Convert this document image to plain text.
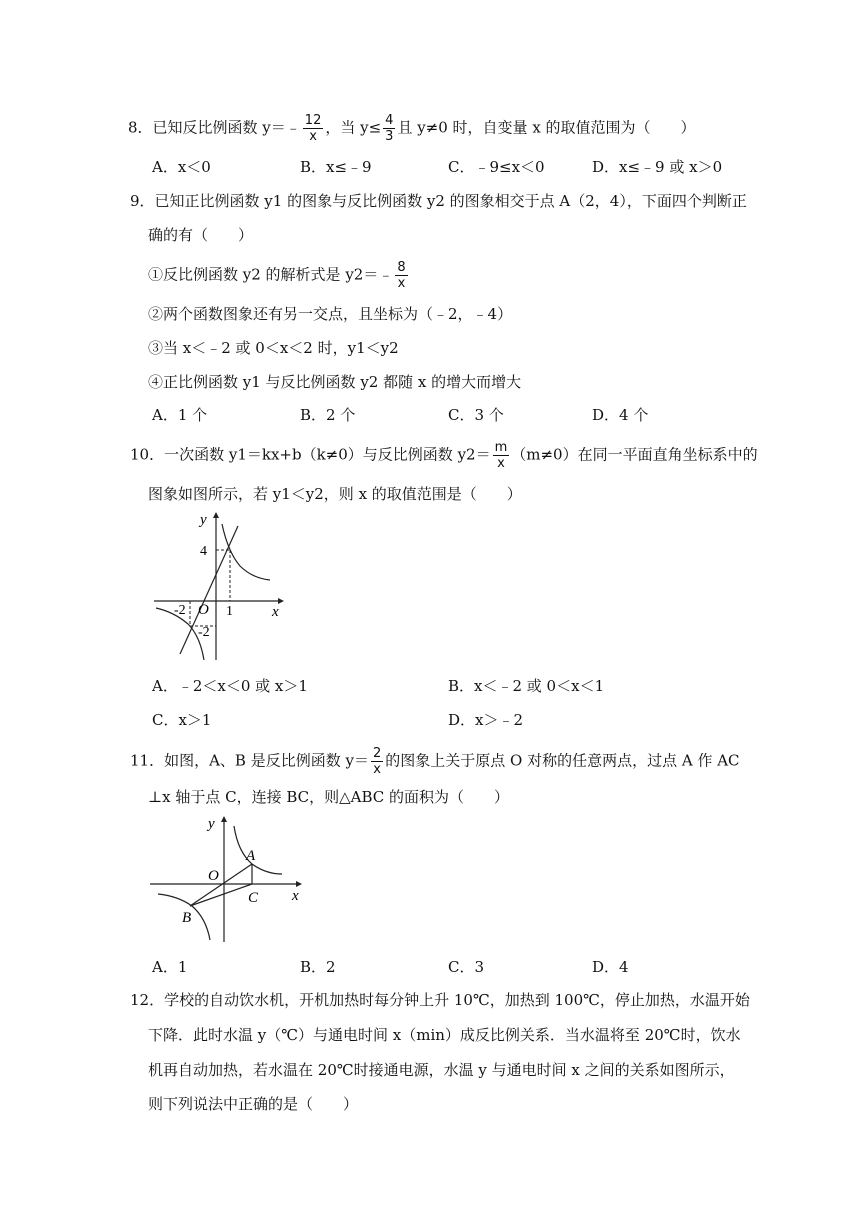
8．已知反比例函数 y＝﹣ $\frac{12}{x}$ ，当 $y\le \frac{4}{3}$ 且 y≠0 时，自变量 x 的取值范围为（　　）
A．x＜0	B．x≤﹣9	C．﹣9≤x＜0	D．x≤﹣9 或 x＞0
9．已知正比例函数 y1 的图象与反比例函数 y2 的图象相交于点 A（2，4），下面四个判断正
确的有（　　）
①反比例函数 y2 的解析式是 y2＝﹣ $\frac{8}{x}$
②两个函数图象还有另一交点，且坐标为（﹣2，﹣4）
③当 x＜﹣2 或 0＜x＜2 时，y1＜y2
④正比例函数 y1 与反比例函数 y2 都随 x 的增大而增大
A．1 个	B．2 个	C．3 个	D．4 个
10．一次函数 y1＝kx+b（k≠0）与反比例函数 $y2= \frac{m}{x} (m\ne 0)$在同一平面直角坐标系中的
图象如图所示，若 y1＜y2，则 x 的取值范围是（　　）
y
x
O
4
1
-2
-2
A．﹣2＜x＜0 或 x＞1	B．x＜﹣2 或 0＜x＜1
C．x＞1	D．x＞﹣2
11．如图，A、B 是反比例函数 $y= \frac{2}{x}$ 的图象上关于原点 O 对称的任意两点，过点 A 作 AC
⊥x 轴于点 C，连接 BC，则△ABC 的面积为（　　）
y
x
O
A
B
C
A．1	B．2	C．3	D．4
12．学校的自动饮水机，开机加热时每分钟上升 10℃，加热到 100℃，停止加热，水温开始
下降．此时水温 y（℃）与通电时间 x（min）成反比例关系．当水温将至 20℃时，饮水
机再自动加热，若水温在 20℃时接通电源，水温 y 与通电时间 x 之间的关系如图所示，
则下列说法中正确的是（　　）
